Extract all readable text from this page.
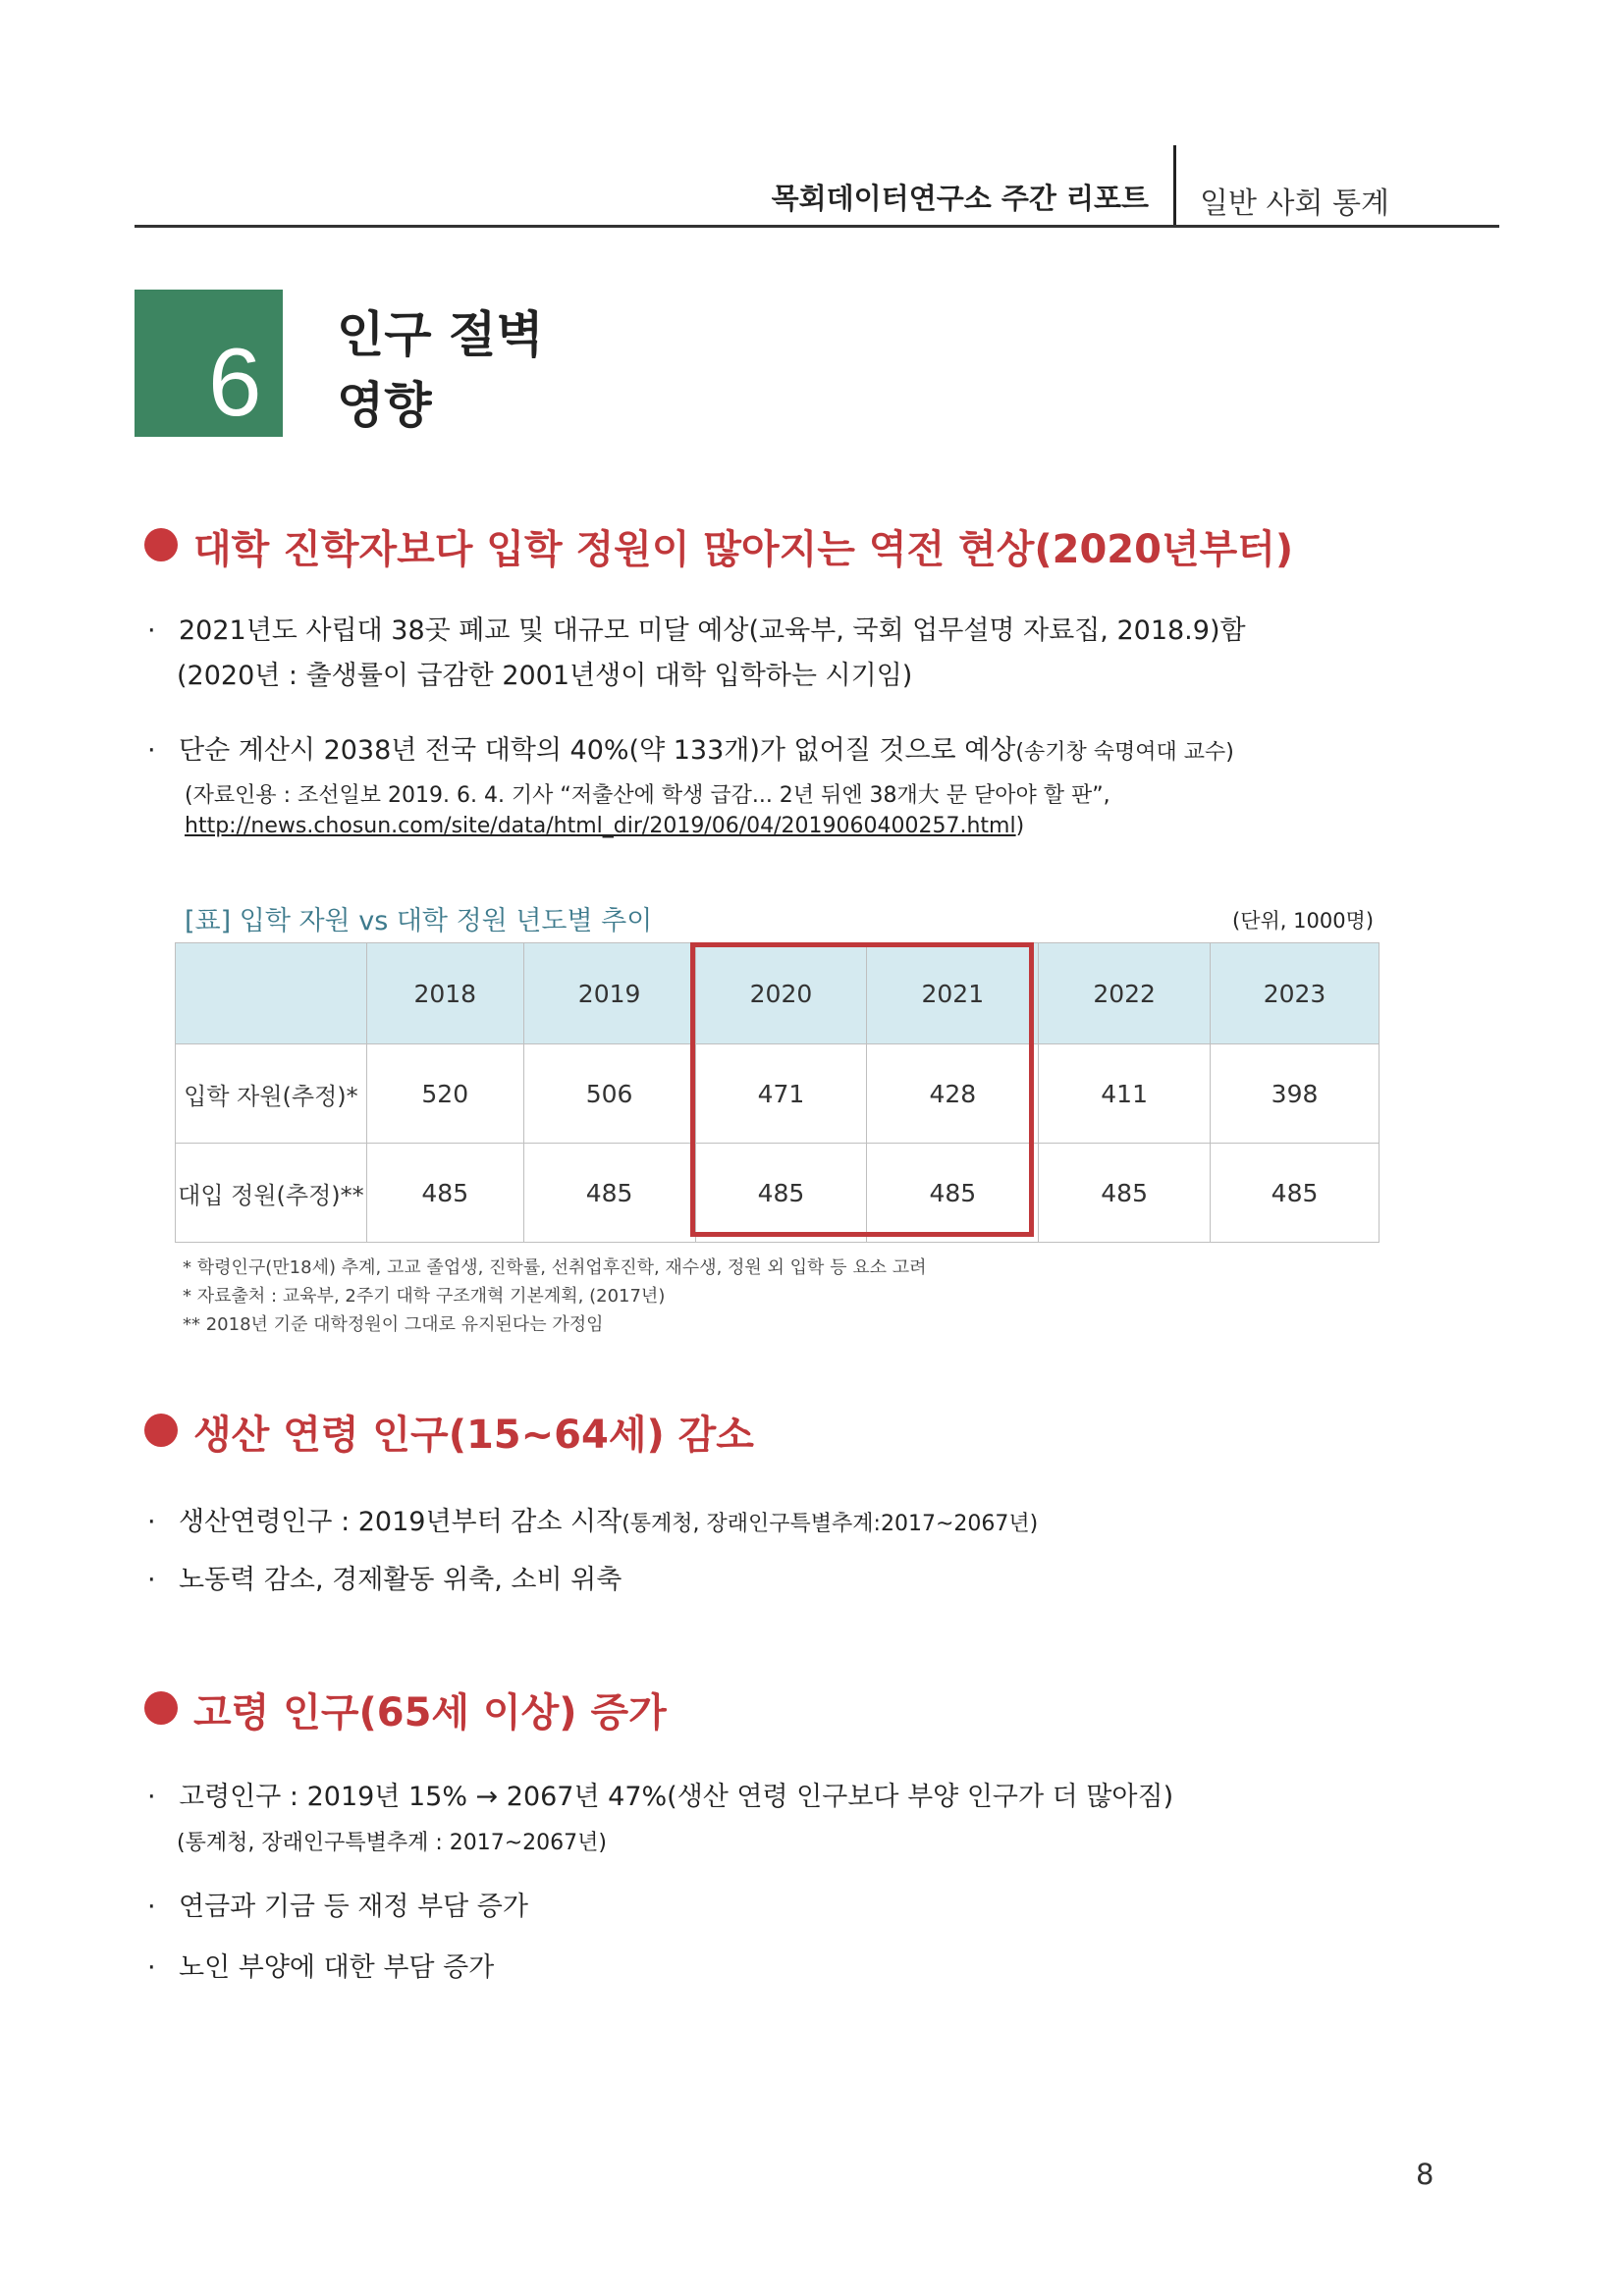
목회데이터연구소 주간 리포트 일반 사회 통계
6 인구 절벽
영향
대학 진학자보다 입학 정원이 많아지는 역전 현상(2020년부터)
· 2021년도 사립대 38곳 폐교 및 대규모 미달 예상(교육부, 국회 업무설명 자료집, 2018.9)함
(2020년 : 출생률이 급감한 2001년생이 대학 입학하는 시기임)
· 단순 계산시 2038년 전국 대학의 40%(약 133개)가 없어질 것으로 예상(송기창 숙명여대 교수)
(자료인용 : 조선일보 2019. 6. 4. 기사 “저출산에 학생 급감... 2년 뒤엔 38개大 문 닫아야 할 판”,
http://news.chosun.com/site/data/html_dir/2019/06/04/2019060400257.html)
[표] 입학 자원 vs 대학 정원 년도별 추이	(단위, 1000명)
	2018	2019	2020	2021	2022	2023
입학 자원(추정)*	520	506	471	428	411	398
대입 정원(추정)**	485	485	485	485	485	485
* 학령인구(만18세) 추계, 고교 졸업생, 진학률, 선취업후진학, 재수생, 정원 외 입학 등 요소 고려
* 자료출처 : 교육부, 2주기 대학 구조개혁 기본계획, (2017년)
** 2018년 기준 대학정원이 그대로 유지된다는 가정임
생산 연령 인구(15~64세) 감소
· 생산연령인구 : 2019년부터 감소 시작(통계청, 장래인구특별추계:2017~2067년)
· 노동력 감소, 경제활동 위축, 소비 위축
고령 인구(65세 이상) 증가
· 고령인구 : 2019년 15% → 2067년 47%(생산 연령 인구보다 부양 인구가 더 많아짐)
(통계청, 장래인구특별추계 : 2017~2067년)
· 연금과 기금 등 재정 부담 증가
· 노인 부양에 대한 부담 증가
8
